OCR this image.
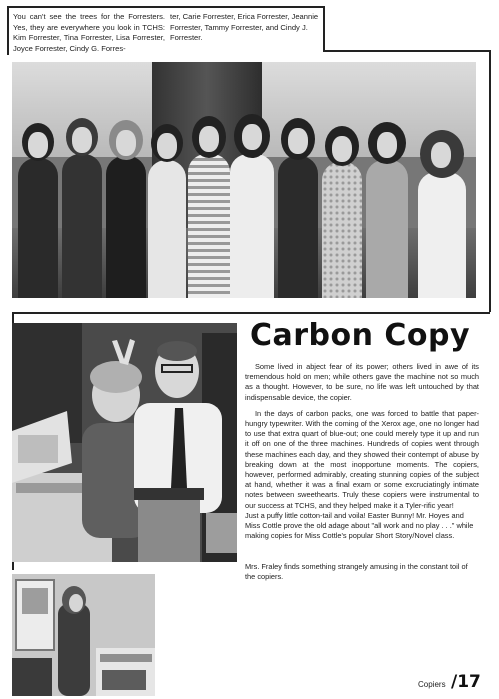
You can't see the trees for the Forresters. Yes, they are everywhere you look in TCHS: Kim Forrester, Tina Forrester, Lisa Forrester, Joyce Forrester, Cindy G. Forres-
ter, Carie Forrester, Erica Forrester, Jeannie Forrester, Tammy Forrester, and Cindy J. Forrester.
Carbon Copy

Some lived in abject fear of its power; others lived in awe of its tremendous hold on men; while others gave the machine not so much as a thought. However, to be sure, no life was left untouched by that indispensable device, the copier.

In the days of carbon packs, one was forced to battle that paper-hungry typewriter. With the coming of the Xerox age, one no longer had to use that extra quart of blue-out; one could merely type it up and run it off on one of the three machines. Hundreds of copies went through these machines each day, and they showed their contempt of abuse by breaking down at the most inopportune moments. The copiers, however, performed admirably, creating stunning copies of the subject at hand, whether it was a final exam or some excruciatingly intimate notes between sweethearts. Truly these copiers were instrumental to our success at TCHS, and they helped make it a Tyler-rific year!

Just a puffy little cotton-tail and voila! Easter Bunny! Mr. Hoyes and Miss Cottle prove the old adage about "all work and no play . . ." while making copies for Miss Cottle's popular Short Story/Novel class.
Mrs. Fraley finds something strangely amusing in the constant toil of the copiers.
Copiers /17
